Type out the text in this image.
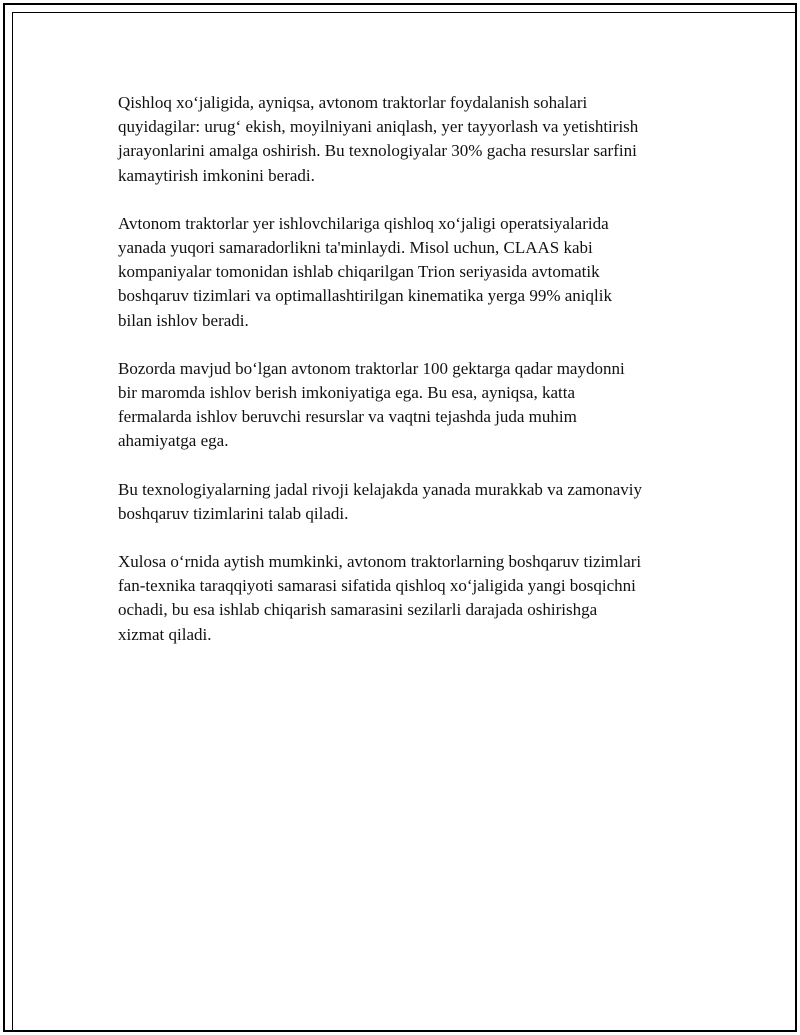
Qishloq xo‘jaligida, ayniqsa, avtonom traktorlar foydalanish sohalari
quyidagilar: urug‘ ekish, moyilniyani aniqlash, yer tayyorlash va yetishtirish
jarayonlarini amalga oshirish. Bu texnologiyalar 30% gacha resurslar sarfini
kamaytirish imkonini beradi.

Avtonom traktorlar yer ishlovchilariga qishloq xo‘jaligi operatsiyalarida
yanada yuqori samaradorlikni ta'minlaydi. Misol uchun, CLAAS kabi
kompaniyalar tomonidan ishlab chiqarilgan Trion seriyasida avtomatik
boshqaruv tizimlari va optimallashtirilgan kinematika yerga 99% aniqlik
bilan ishlov beradi.

Bozorda mavjud bo‘lgan avtonom traktorlar 100 gektarga qadar maydonni
bir maromda ishlov berish imkoniyatiga ega. Bu esa, ayniqsa, katta
fermalarda ishlov beruvchi resurslar va vaqtni tejashda juda muhim
ahamiyatga ega.

Bu texnologiyalarning jadal rivoji kelajakda yanada murakkab va zamonaviy
boshqaruv tizimlarini talab qiladi.

Xulosa o‘rnida aytish mumkinki, avtonom traktorlarning boshqaruv tizimlari
fan-texnika taraqqiyoti samarasi sifatida qishloq xo‘jaligida yangi bosqichni
ochadi, bu esa ishlab chiqarish samarasini sezilarli darajada oshirishga
xizmat qiladi.
